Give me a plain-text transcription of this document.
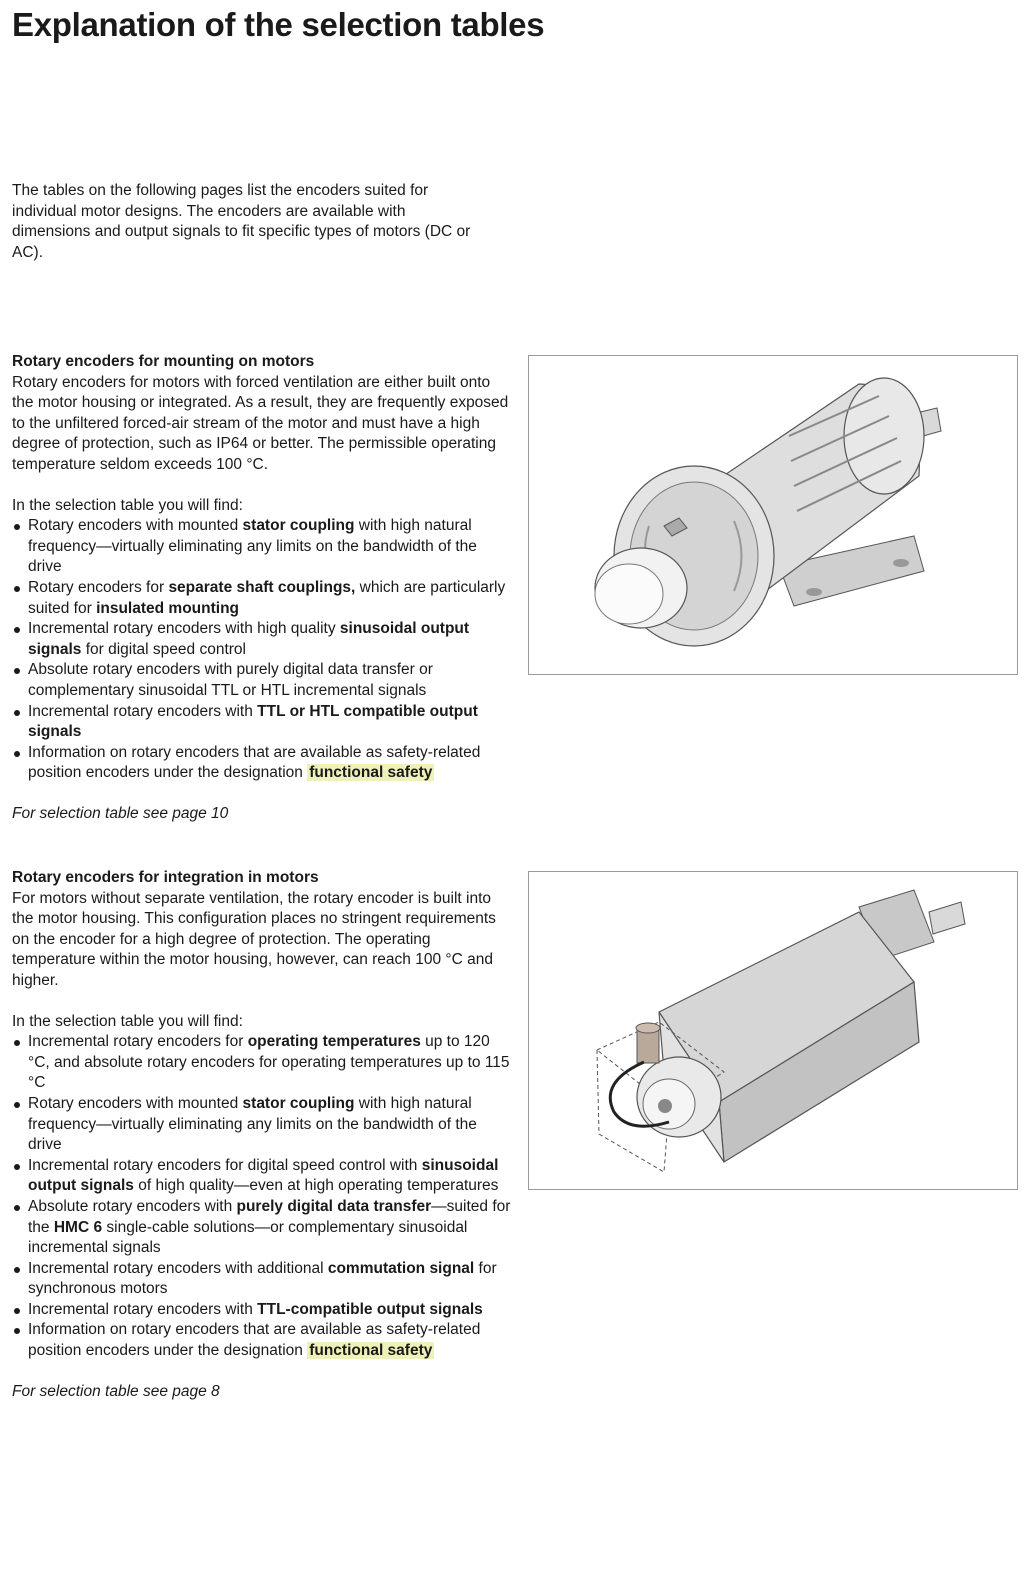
Explanation of the selection tables

The tables on the following pages list the encoders suited for individual motor designs. The encoders are available with dimensions and output signals to fit specific types of motors (DC or AC).

Rotary encoders for mounting on motors

Rotary encoders for motors with forced ventilation are either built onto the motor housing or integrated. As a result, they are frequently exposed to the unfiltered forced-air stream of the motor and must have a high degree of protection, such as IP64 or better. The permissible operating temperature seldom exceeds 100 °C.

In the selection table you will find:

Rotary encoders with mounted stator coupling with high natural frequency—virtually eliminating any limits on the bandwidth of the drive
Rotary encoders for separate shaft couplings, which are particularly suited for insulated mounting
Incremental rotary encoders with high quality sinusoidal output signals for digital speed control
Absolute rotary encoders with purely digital data transfer or complementary sinusoidal TTL or HTL incremental signals
Incremental rotary encoders with TTL or HTL compatible output signals
Information on rotary encoders that are available as safety-related position encoders under the designation functional safety

For selection table see page 10

Rotary encoders for integration in motors

For motors without separate ventilation, the rotary encoder is built into the motor housing. This configuration places no stringent requirements on the encoder for a high degree of protection. The operating temperature within the motor housing, however, can reach 100 °C and higher.

In the selection table you will find:

Incremental rotary encoders for operating temperatures up to 120 °C, and absolute rotary encoders for operating temperatures up to 115 °C
Rotary encoders with mounted stator coupling with high natural frequency—virtually eliminating any limits on the bandwidth of the drive
Incremental rotary encoders for digital speed control with sinusoidal output signals of high quality—even at high operating temperatures
Absolute rotary encoders with purely digital data transfer—suited for the HMC 6 single-cable solutions—or complementary sinusoidal incremental signals
Incremental rotary encoders with additional commutation signal for synchronous motors
Incremental rotary encoders with TTL-compatible output signals
Information on rotary encoders that are available as safety-related position encoders under the designation functional safety

For selection table see page 8
